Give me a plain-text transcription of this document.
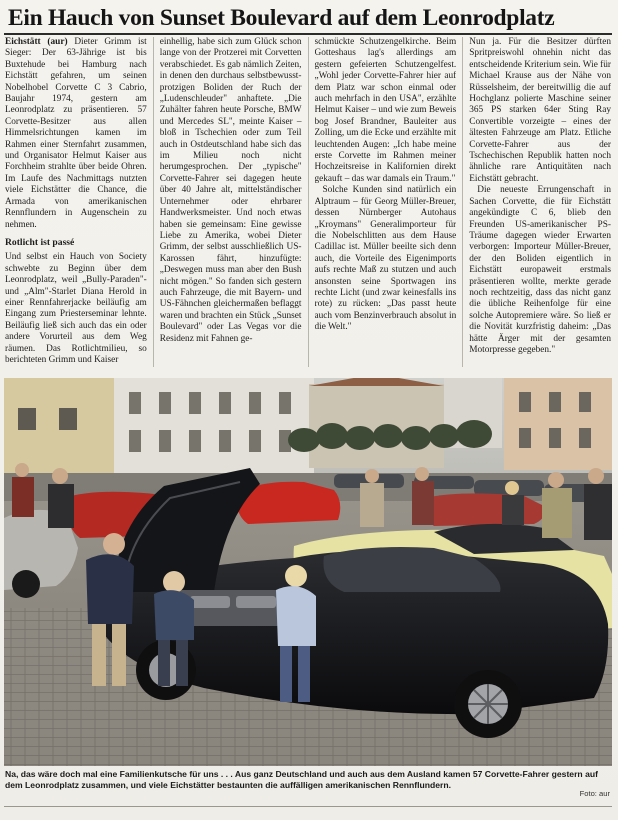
Ein Hauch von Sunset Boulevard auf dem Leonrodplatz

Eichstätt (aur) Dieter Grimm ist Sieger: Der 63-Jährige ist bis Buxtehude bei Hamburg nach Eichstätt gefahren, um seinen Nobelhobel Corvette C 3 Cabrio, Baujahr 1974, gestern am Leonrodplatz zu präsentieren. 57 Corvette-Besitzer aus allen Himmelsrichtungen kamen im Rahmen einer Sternfahrt zusammen, und Organisator Helmut Kaiser aus Forchheim strahlte über beide Ohren. Im Laufe des Nachmittags nutzten viele Eichstätter die Chance, die Armada von amerikanischen Rennflundern in Augenschein zu nehmen.

Rotlicht ist passé

Und selbst ein Hauch von Society schwebte zu Beginn über dem Leonrodplatz, weil „Bully-Paraden"- und „Alm"-Starlet Diana Herold in einer Rennfahrerjacke beiläufig am Eingang zum Priesterseminar lehnte. Beiläufig ließ sich auch das ein oder andere Vorurteil aus dem Weg räumen. Das Rotlichtmilieu, so berichteten Grimm und Kaiser

einhellig, habe sich zum Glück schon lange von der Protzerei mit Corvetten verabschiedet. Es gab nämlich Zeiten, in denen den durchaus selbstbewusst-protzigen Boliden der Ruch der „Ludenschleuder" anhaftete. „Die Zuhälter fahren heute Porsche, BMW und Mercedes SL", meinte Kaiser – bloß in Tschechien oder zum Teil auch in Ostdeutschland habe sich das im Milieu noch nicht herumgesprochen. Der „typische" Corvette-Fahrer sei dagegen heute über 40 Jahre alt, mittelständischer Unternehmer oder ehrbarer Handwerksmeister. Und noch etwas haben sie gemeinsam: Eine gewisse Liebe zu Amerika, wobei Dieter Grimm, der selbst ausschließlich US-Karossen fährt, hinzufügte: „Deswegen muss man aber den Bush nicht mögen." So fanden sich gestern auch Fahrzeuge, die mit Bayern- und US-Fähnchen gleichermaßen beflaggt waren und brachten ein Stück „Sunset Boulevard" oder Las Vegas vor die Residenz mit Fahnen ge-

schmückte Schutzengelkirche. Beim Gotteshaus lag's allerdings am gestern gefeierten Schutzengelfest. „Wohl jeder Corvette-Fahrer hier auf dem Platz war schon einmal oder auch mehrfach in den USA", erzählte Helmut Kaiser – und wie zum Beweis bog Josef Brandner, Bauleiter aus Zolling, um die Ecke und erzählte mit leuchtenden Augen: „Ich habe meine erste Corvette im Rahmen meiner Hochzeitsreise in Kalifornien direkt gekauft – das war damals ein Traum."

Solche Kunden sind natürlich ein Alptraum – für Georg Müller-Breuer, dessen Nürnberger Autohaus „Kroymans" Generalimporteur für die Nobelschlitten aus dem Hause Cadillac ist. Müller beeilte sich denn auch, die Vorteile des Eigenimports aufs rechte Maß zu stutzen und auch ansonsten seine Sportwagen ins rechte Licht (und zwar keinesfalls ins rote) zu rücken: „Das passt heute auch vom Benzinverbrauch absolut in die Welt."

Nun ja. Für die Besitzer dürften Spritpreiswohl ohnehin nicht das entscheidende Kriterium sein. Wie für Michael Krause aus der Nähe von Rüsselsheim, der bereitwillig die auf Hochglanz polierte Maschine seiner 365 PS starken 64er Sting Ray Convertible vorzeigte – eines der ältesten Fahrzeuge am Platz. Etliche Corvette-Fahrer aus der Tschechischen Republik hatten noch ähnliche rare Antiquitäten nach Eichstätt gebracht.

Die neueste Errungenschaft in Sachen Corvette, die für Eichstätt angekündigte C 6, blieb den Freunden US-amerikanischer PS-Träume dagegen wieder Erwarten verborgen: Importeur Müller-Breuer, der den Boliden eigentlich in Eichstätt europaweit erstmals präsentieren wollte, merkte gerade noch rechtzeitig, dass das nicht ganz die übliche Reihenfolge für eine solche Autopremiere wäre. So ließ er die Novität kurzfristig daheim: „Das hätte Ärger mit der gesamten Motorpresse gegeben."

Na, das wäre doch mal eine Familienkutsche für uns . . . Aus ganz Deutschland und auch aus dem Ausland kamen 57 Corvette-Fahrer gestern auf dem Leonrodplatz zusammen, und viele Eichstätter bestaunten die auffälligen amerikanischen Rennflundern.
Foto: aur
